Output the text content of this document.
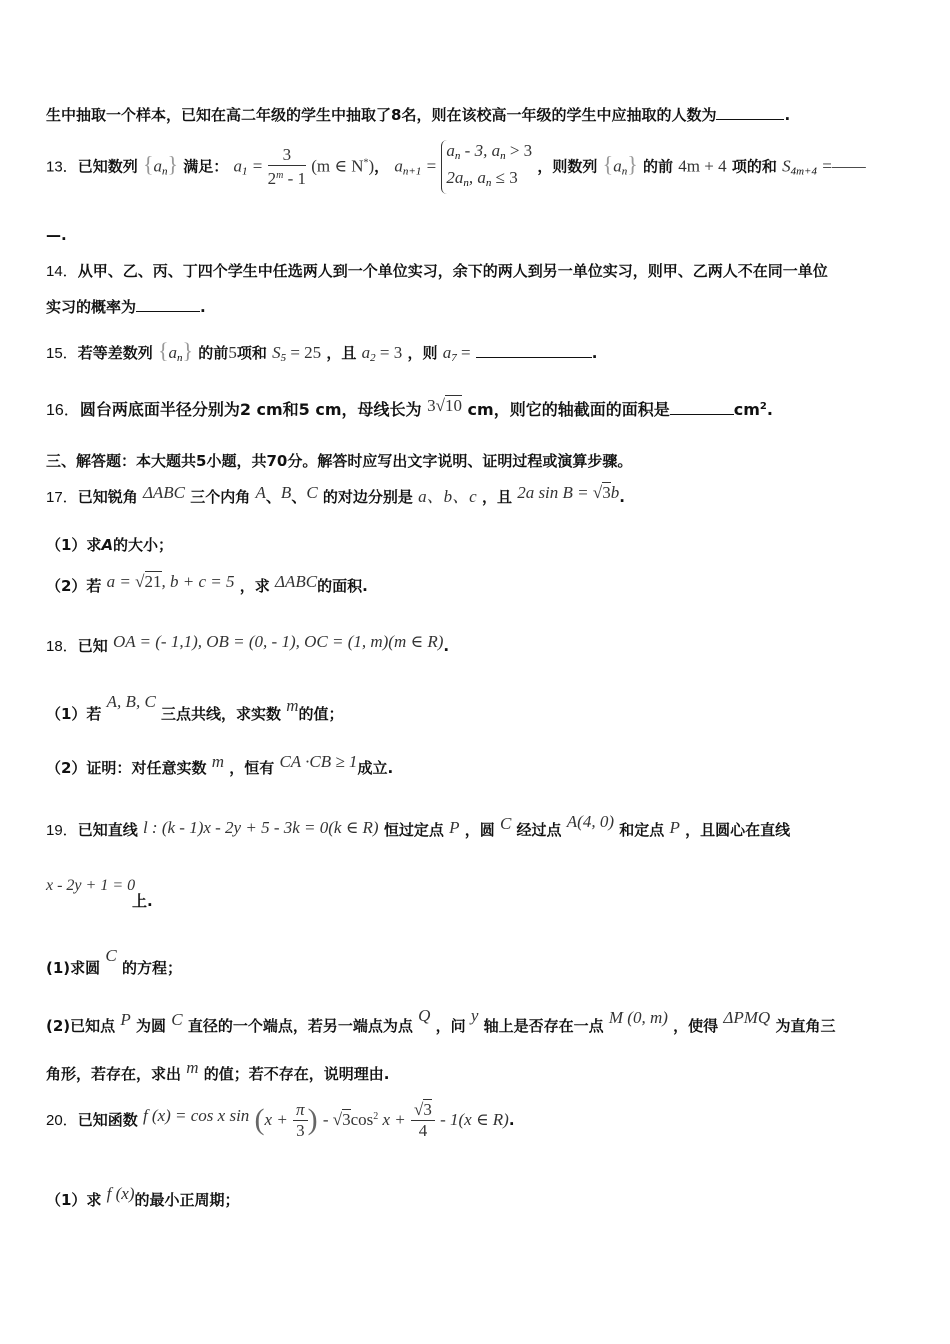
生中抽取一个样本，已知在高二年级的学生中抽取了8名，则在该校高一年级的学生中应抽取的人数为	.
13．已知数列 $\{a_n\}$ 满足： $a_1 = \frac{3}{2^m - 1} (m$ ∈ N*)， $a_{n+1}$ =
$a_n - 3$, $a_n > 3$
$2a_n$, $a_n \le 3$
，则数列 $\{a_n\}$ 的前 4m + 4 项的和 $S_{4m+4}$ =——
—.
14．从甲、乙、丙、丁四个学生中任选两人到一个单位实习，余下的两人到另一单位实习，则甲、乙两人不在同一单位
实习的概率为	.
15．若等差数列 $\{a_n\}$ 的前5项和 $S_5 = 25$ ，且 $a_2 = 3$ ，则 $a_7$ =	.
16．圆台两底面半径分别为2 cm和5 cm，母线长为 3√10 cm，则它的轴截面的面积是	$cm^2$.
三、解答题：本大题共5小题，共70分。解答时应写出文字说明、证明过程或演算步骤。
17．已知锐角 ΔABC 三个内角 A、B、C 的对边分别是 a、b、c ，且 2a sin B = √3b.
（1）求A的大小；
（2）若 a = √21, b + c = 5 ，求 ΔABC的面积.
18．已知 OA = (- 1,1), OB = (0, - 1), OC = (1, m)(m ∈ R).
（1）若 A, B, C 三点共线，求实数 m的值；
（2）证明：对任意实数 m ，恒有 CA ·CB ≥ 1成立.
19．已知直线 l : (k - 1)x - 2y + 5 - 3k = 0(k ∈ R) 恒过定点 P ，圆 C 经过点 A(4, 0) 和定点 P ，且圆心在直线
x - 2y + 1 = 0
上.
(1)求圆 C 的方程；
(2)已知点 P 为圆 C 直径的一个端点，若另一端点为点 Q ，问 y 轴上是否存在一点 M (0, m) ，使得 ΔPMQ 为直角三
角形，若存在，求出 m 的值；若不存在，说明理由.
20．已知函数 f (x) = cos x $\sin (x + \frac{\pi}{3}$ ) - $√3\cos^2$ $x + \frac{√3}{4} - 1(x$ ∈ R).
（1）求 f (x)的最小正周期；
